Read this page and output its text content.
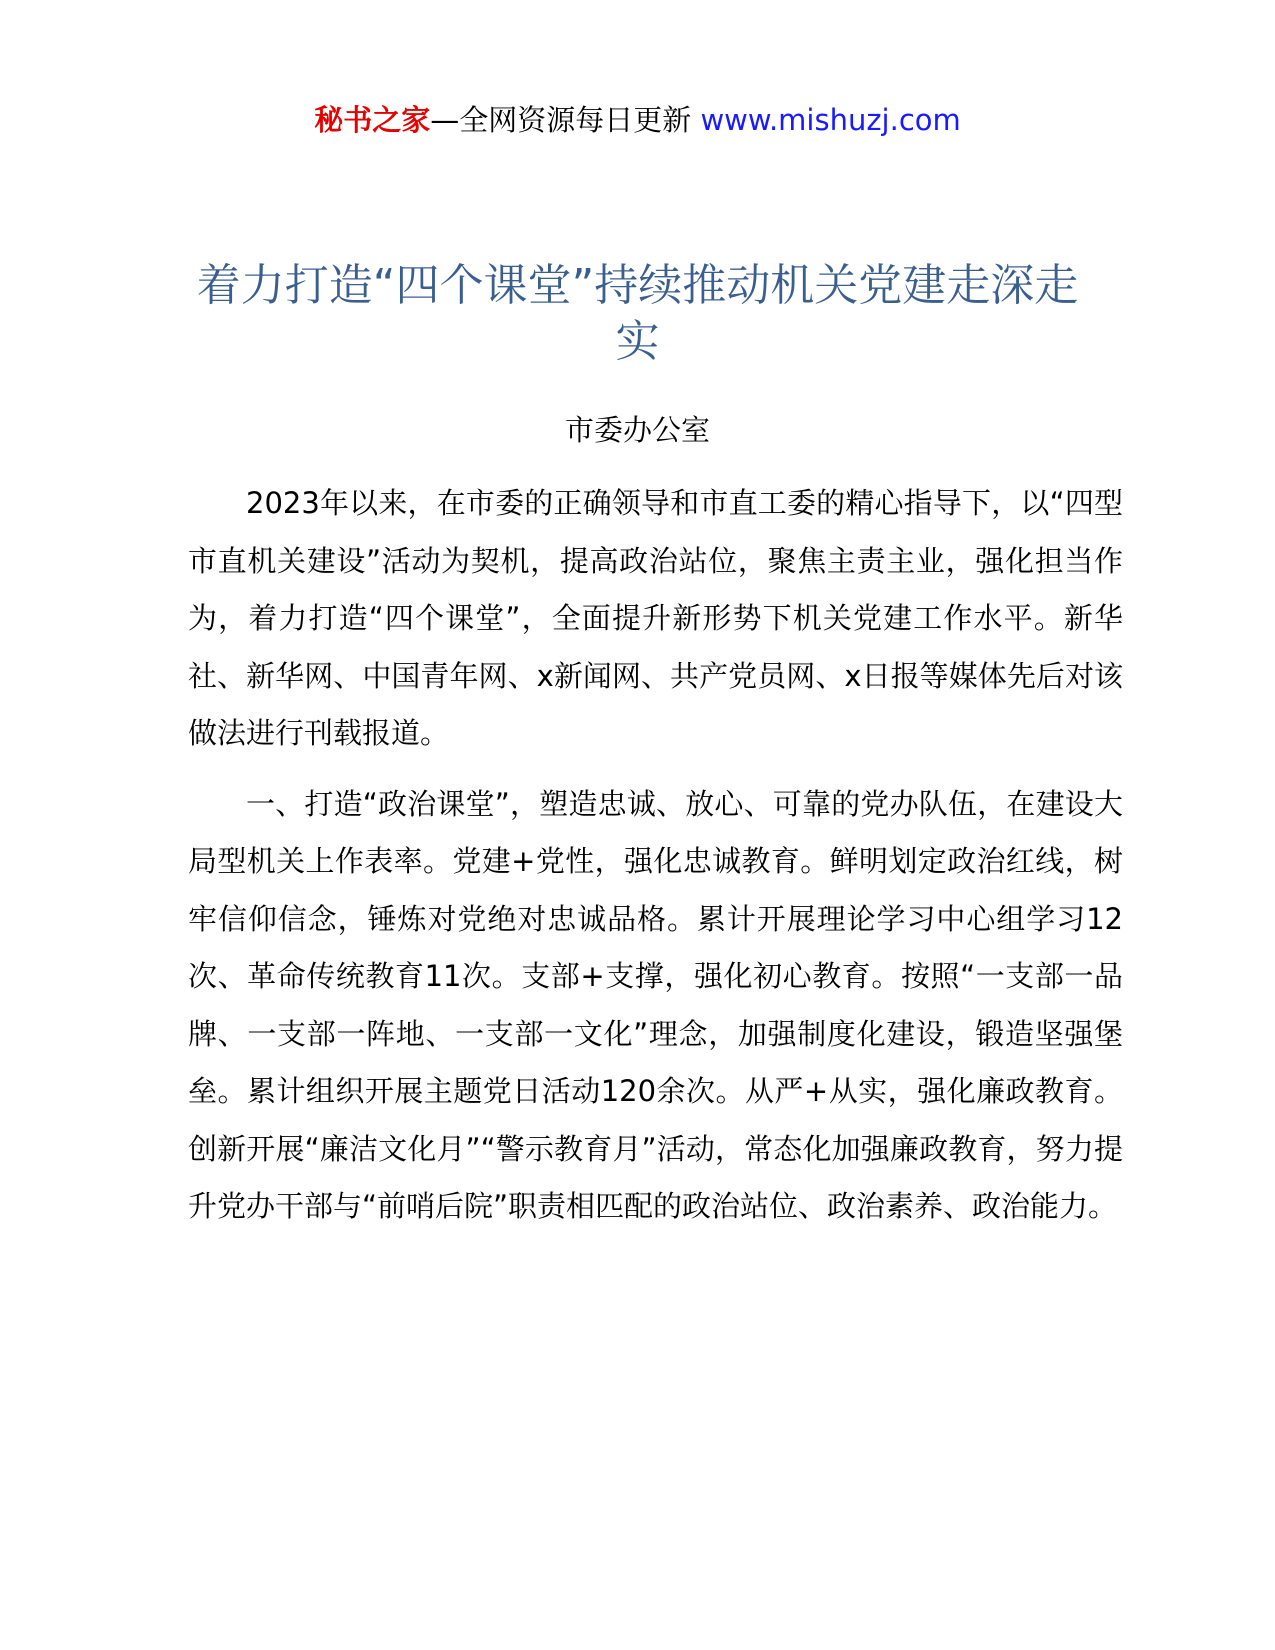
秘书之家—全网资源每日更新 www.mishuzj.com
着力打造“四个课堂”持续推动机关党建走深走实
市委办公室

2023年以来，在市委的正确领导和市直工委的精心指导下，以“四型市直机关建设”活动为契机，提高政治站位，聚焦主责主业，强化担当作为，着力打造“四个课堂”，全面提升新形势下机关党建工作水平。新华社、新华网、中国青年网、x新闻网、共产党员网、x日报等媒体先后对该做法进行刊载报道。

一、打造“政治课堂”，塑造忠诚、放心、可靠的党办队伍，在建设大局型机关上作表率。党建+党性，强化忠诚教育。鲜明划定政治红线，树牢信仰信念，锤炼对党绝对忠诚品格。累计开展理论学习中心组学习12次、革命传统教育11次。支部+支撑，强化初心教育。按照“一支部一品牌、一支部一阵地、一支部一文化”理念，加强制度化建设，锻造坚强堡垒。累计组织开展主题党日活动120余次。从严+从实，强化廉政教育。创新开展“廉洁文化月”“警示教育月”活动，常态化加强廉政教育，努力提升党办干部与“前哨后院”职责相匹配的政治站位、政治素养、政治能力。
